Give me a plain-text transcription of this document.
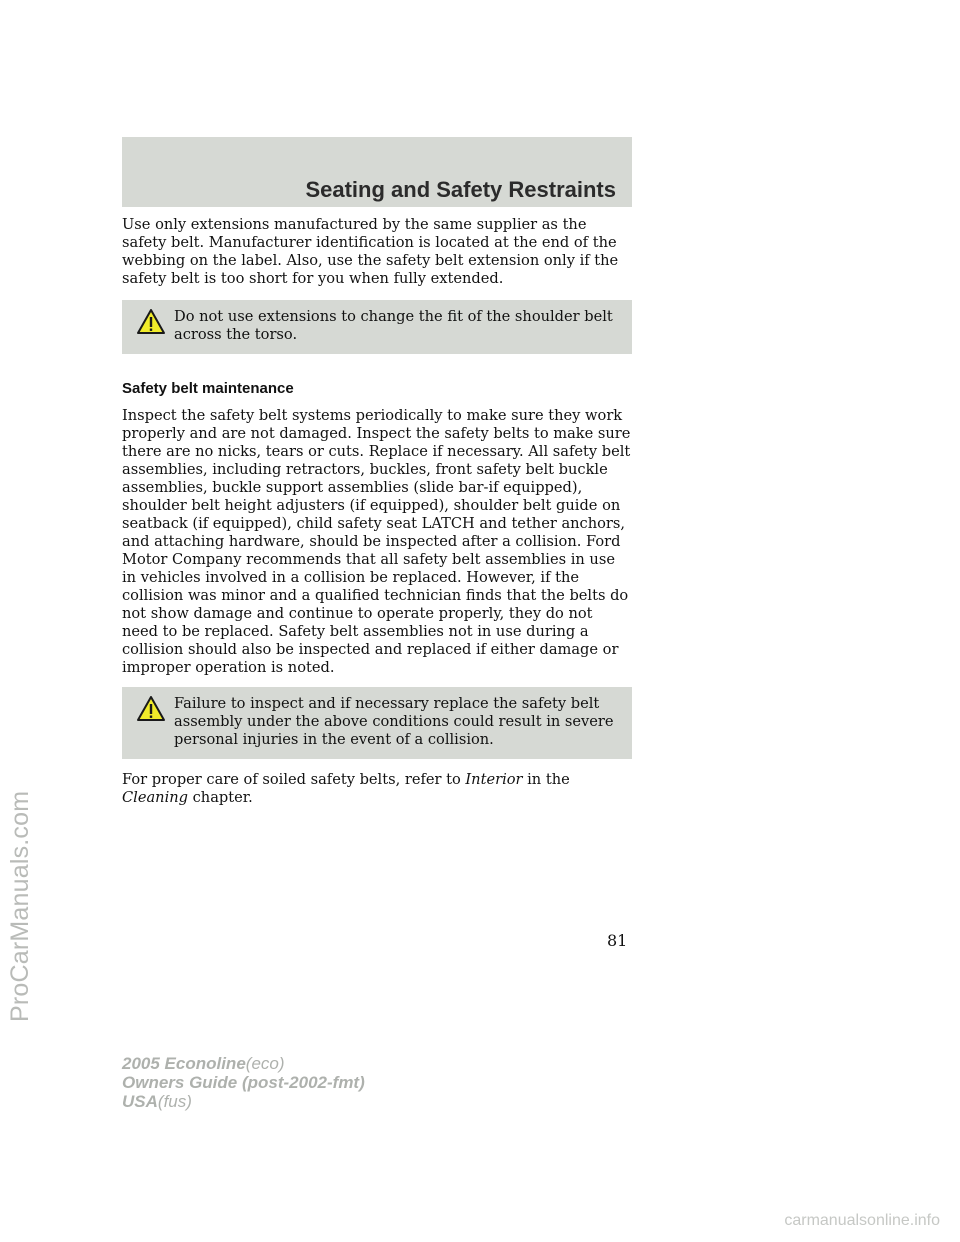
Seating and Safety Restraints

Use only extensions manufactured by the same supplier as the safety belt. Manufacturer identification is located at the end of the webbing on the label. Also, use the safety belt extension only if the safety belt is too short for you when fully extended.

Do not use extensions to change the fit of the shoulder belt across the torso.
Safety belt maintenance

Inspect the safety belt systems periodically to make sure they work properly and are not damaged. Inspect the safety belts to make sure there are no nicks, tears or cuts. Replace if necessary. All safety belt assemblies, including retractors, buckles, front safety belt buckle assemblies, buckle support assemblies (slide bar-if equipped), shoulder belt height adjusters (if equipped), shoulder belt guide on seatback (if equipped), child safety seat LATCH and tether anchors, and attaching hardware, should be inspected after a collision. Ford Motor Company recommends that all safety belt assemblies in use in vehicles involved in a collision be replaced. However, if the collision was minor and a qualified technician finds that the belts do not show damage and continue to operate properly, they do not need to be replaced. Safety belt assemblies not in use during a collision should also be inspected and replaced if either damage or improper operation is noted.

Failure to inspect and if necessary replace the safety belt
assembly under the above conditions could result in severe personal injuries in the event of a collision.

For proper care of soiled safety belts, refer to Interior in the Cleaning chapter.

81
2005 Econoline(eco)
Owners Guide (post-2002-fmt)
USA(fus)
ProCarManuals.com
carmanualsonline.info
